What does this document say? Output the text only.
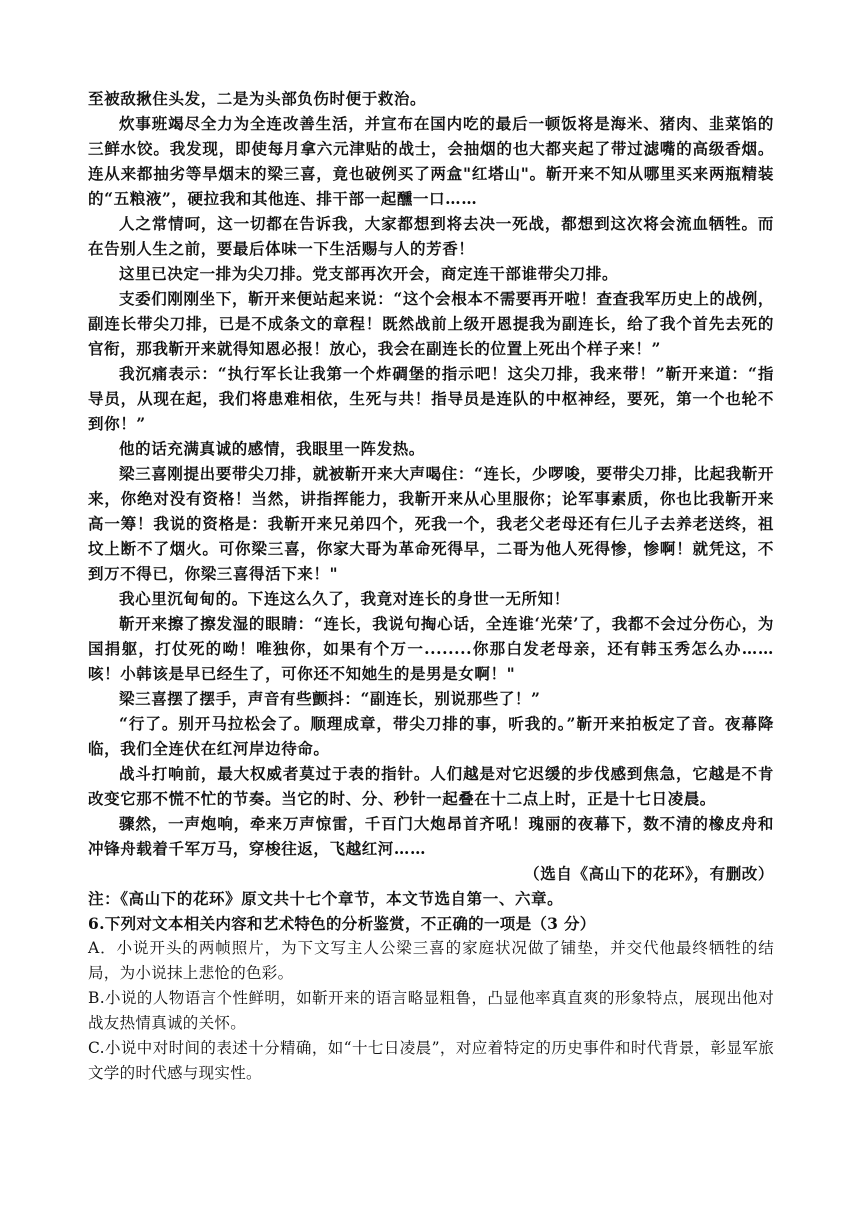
至被敌揪住头发，二是为头部负伤时便于救治。

炊事班竭尽全力为全连改善生活，并宣布在国内吃的最后一顿饭将是海米、猪肉、韭菜馅的三鲜水饺。我发现，即使每月拿六元津贴的战士，会抽烟的也大都夹起了带过滤嘴的高级香烟。连从来都抽劣等旱烟末的梁三喜，竟也破例买了两盒"红塔山"。靳开来不知从哪里买来两瓶精装的“五粮液”，硬拉我和其他连、排干部一起醺一口……

人之常情呵，这一切都在告诉我，大家都想到将去决一死战，都想到这次将会流血牺牲。而在告别人生之前，要最后体味一下生活赐与人的芳香！

这里已决定一排为尖刀排。党支部再次开会，商定连干部谁带尖刀排。

支委们刚刚坐下，靳开来便站起来说：“这个会根本不需要再开啦！查查我军历史上的战例，副连长带尖刀排，已是不成条文的章程！既然战前上级开恩提我为副连长，给了我个首先去死的官衔，那我靳开来就得知恩必报！放心，我会在副连长的位置上死出个样子来！”

我沉痛表示：“执行军长让我第一个炸碉堡的指示吧！这尖刀排，我来带！”靳开来道：“指导员，从现在起，我们将患难相依，生死与共！指导员是连队的中枢神经，要死，第一个也轮不到你！”

他的话充满真诚的感情，我眼里一阵发热。

梁三喜刚提出要带尖刀排，就被靳开来大声喝住：“连长，少啰唆，要带尖刀排，比起我靳开来，你绝对没有资格！当然，讲指挥能力，我靳开来从心里服你；论军事素质，你也比我靳开来高一筹！我说的资格是：我靳开来兄弟四个，死我一个，我老父老母还有仨儿子去养老送终，祖坟上断不了烟火。可你梁三喜，你家大哥为革命死得早，二哥为他人死得惨，惨啊！就凭这，不到万不得已，你梁三喜得活下来！"

我心里沉甸甸的。下连这么久了，我竟对连长的身世一无所知！

靳开来擦了擦发湿的眼睛：“连长，我说句掏心话，全连谁‘光荣’了，我都不会过分伤心，为国捐躯，打仗死的呦！唯独你，如果有个万一........你那白发老母亲，还有韩玉秀怎么办……咳！小韩该是早已经生了，可你还不知她生的是男是女啊！"

梁三喜摆了摆手，声音有些颤抖：“副连长，别说那些了！”

“行了。别开马拉松会了。顺理成章，带尖刀排的事，听我的。”靳开来拍板定了音。夜幕降临，我们全连伏在红河岸边待命。

战斗打响前，最大权威者莫过于表的指针。人们越是对它迟缓的步伐感到焦急，它越是不肯改变它那不慌不忙的节奏。当它的时、分、秒针一起叠在十二点上时，正是十七日凌晨。

骤然，一声炮响，牵来万声惊雷，千百门大炮昂首齐吼！瑰丽的夜幕下，数不清的橡皮舟和冲锋舟载着千军万马，穿梭往返，飞越红河……

（选自《高山下的花环》，有删改）

注：《高山下的花环》原文共十七个章节，本文节选自第一、六章。

6.下列对文本相关内容和艺术特色的分析鉴赏，不正确的一项是（3 分）

A．小说开头的两帧照片，为下文写主人公梁三喜的家庭状况做了铺垫，并交代他最终牺牲的结局，为小说抹上悲怆的色彩。

B.小说的人物语言个性鲜明，如靳开来的语言略显粗鲁，凸显他率真直爽的形象特点，展现出他对战友热情真诚的关怀。

C.小说中对时间的表述十分精确，如“十七日凌晨”，对应着特定的历史事件和时代背景，彰显军旅文学的时代感与现实性。
